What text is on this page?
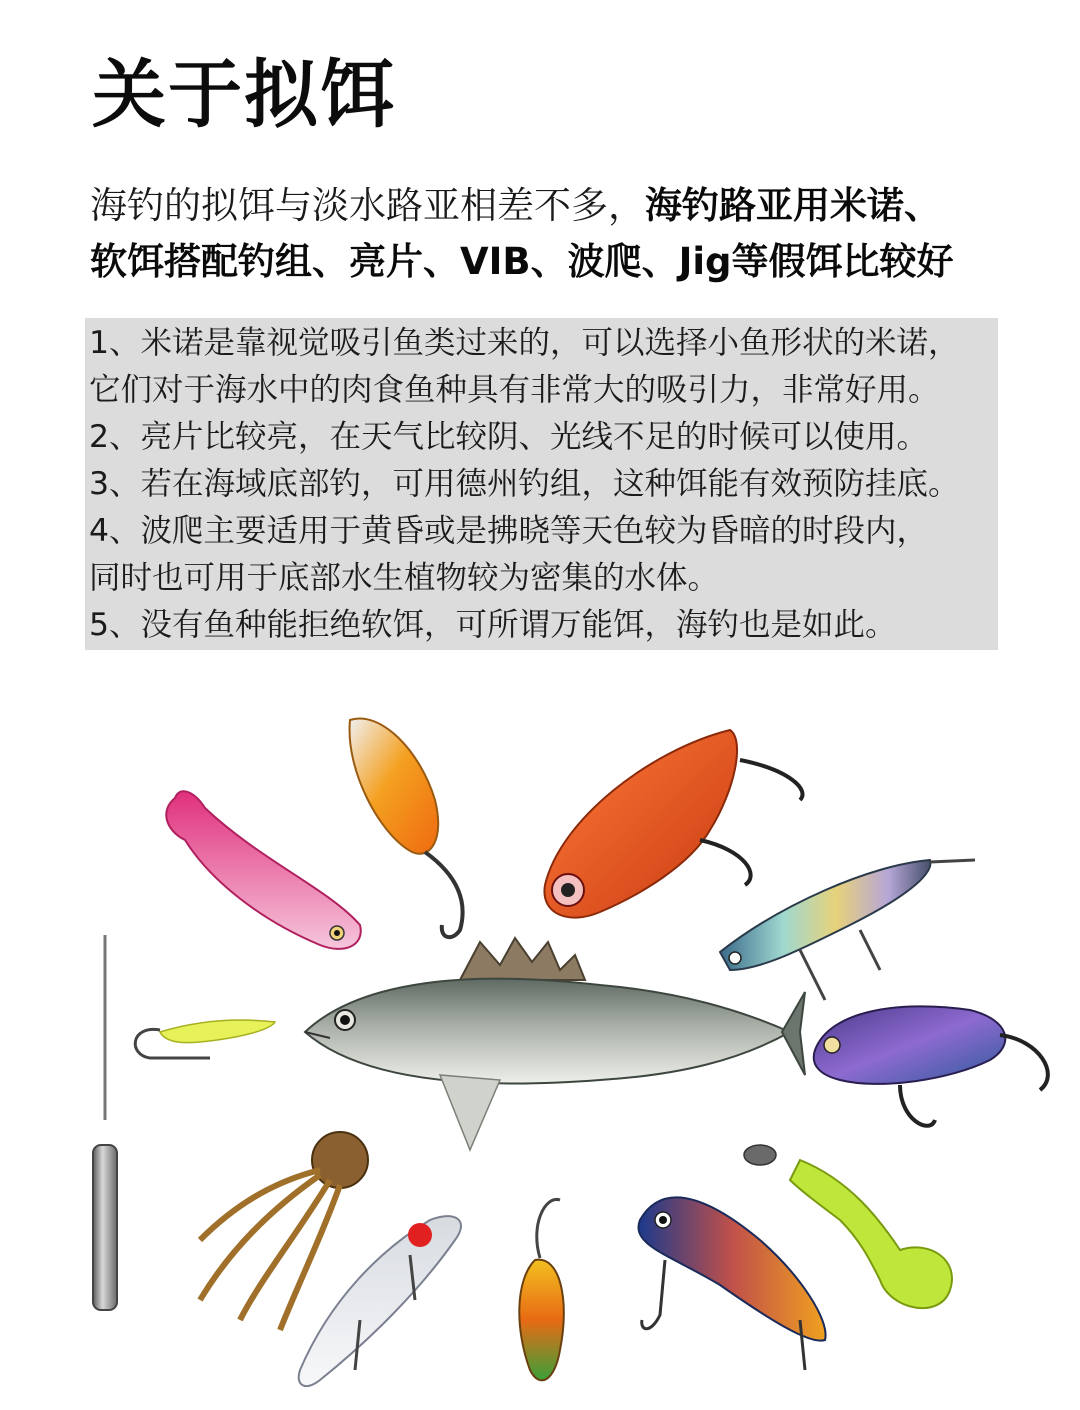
关于拟饵

海钓的拟饵与淡水路亚相差不多，海钓路亚用米诺、
软饵搭配钓组、亮片、VIB、波爬、Jig等假饵比较好

1、米诺是靠视觉吸引鱼类过来的，可以选择小鱼形状的米诺，
它们对于海水中的肉食鱼种具有非常大的吸引力，非常好用。
2、亮片比较亮，在天气比较阴、光线不足的时候可以使用。
3、若在海域底部钓，可用德州钓组，这种饵能有效预防挂底。
4、波爬主要适用于黄昏或是拂晓等天色较为昏暗的时段内，
同时也可用于底部水生植物较为密集的水体。
5、没有鱼种能拒绝软饵，可所谓万能饵，海钓也是如此。
